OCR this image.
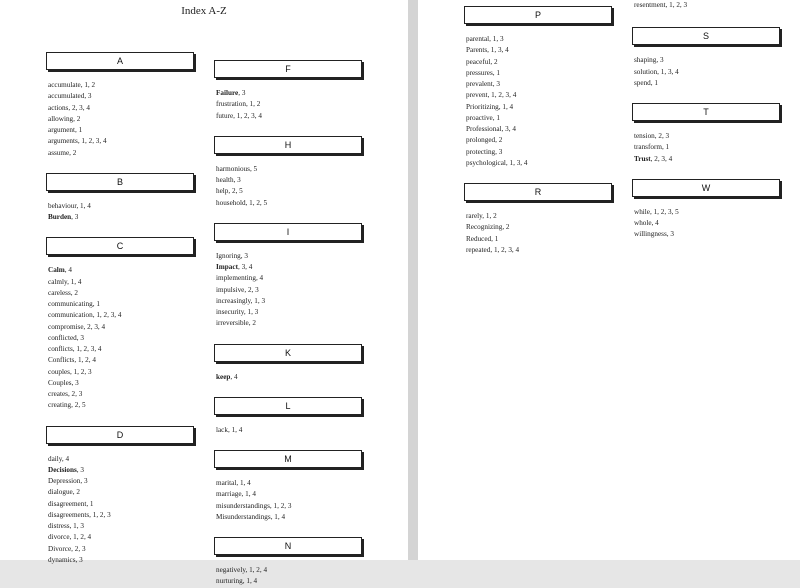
Index A-Z
A
accumulate, 1, 2
accumulated, 3
actions, 2, 3, 4
allowing, 2
argument, 1
arguments, 1, 2, 3, 4
assume, 2
B
behaviour, 1, 4
Burden, 3
C
Calm, 4
calmly, 1, 4
careless, 2
communicating, 1
communication, 1, 2, 3, 4
compromise, 2, 3, 4
conflicted, 3
conflicts, 1, 2, 3, 4
Conflicts, 1, 2, 4
couples, 1, 2, 3
Couples, 3
creates, 2, 3
creating, 2, 5
D
daily, 4
Decisions, 3
Depression, 3
dialogue, 2
disagreement, 1
disagreements, 1, 2, 3
distress, 1, 3
divorce, 1, 2, 4
Divorce, 2, 3
dynamics, 3
F
Failure, 3
frustration, 1, 2
future, 1, 2, 3, 4
H
harmonious, 5
health, 3
help, 2, 5
household, 1, 2, 5
I
Ignoring, 3
Impact, 3, 4
implementing, 4
impulsive, 2, 3
increasingly, 1, 3
insecurity, 1, 3
irreversible, 2
K
keep, 4
L
lack, 1, 4
M
marital, 1, 4
marriage, 1, 4
misunderstandings, 1, 2, 3
Misunderstandings, 1, 4
N
negatively, 1, 2, 4
nurturing, 1, 4
P
parental, 1, 3
Parents, 1, 3, 4
peaceful, 2
pressures, 1
prevalent, 3
prevent, 1, 2, 3, 4
Prioritizing, 1, 4
proactive, 1
Professional, 3, 4
prolonged, 2
protecting, 3
psychological, 1, 3, 4
R
rarely, 1, 2
Recognizing, 2
Reduced, 1
repeated, 1, 2, 3, 4
resentment, 1, 2, 3
S
shaping, 3
solution, 1, 3, 4
spend, 1
T
tension, 2, 3
transform, 1
Trust, 2, 3, 4
W
while, 1, 2, 3, 5
whole, 4
willingness, 3
